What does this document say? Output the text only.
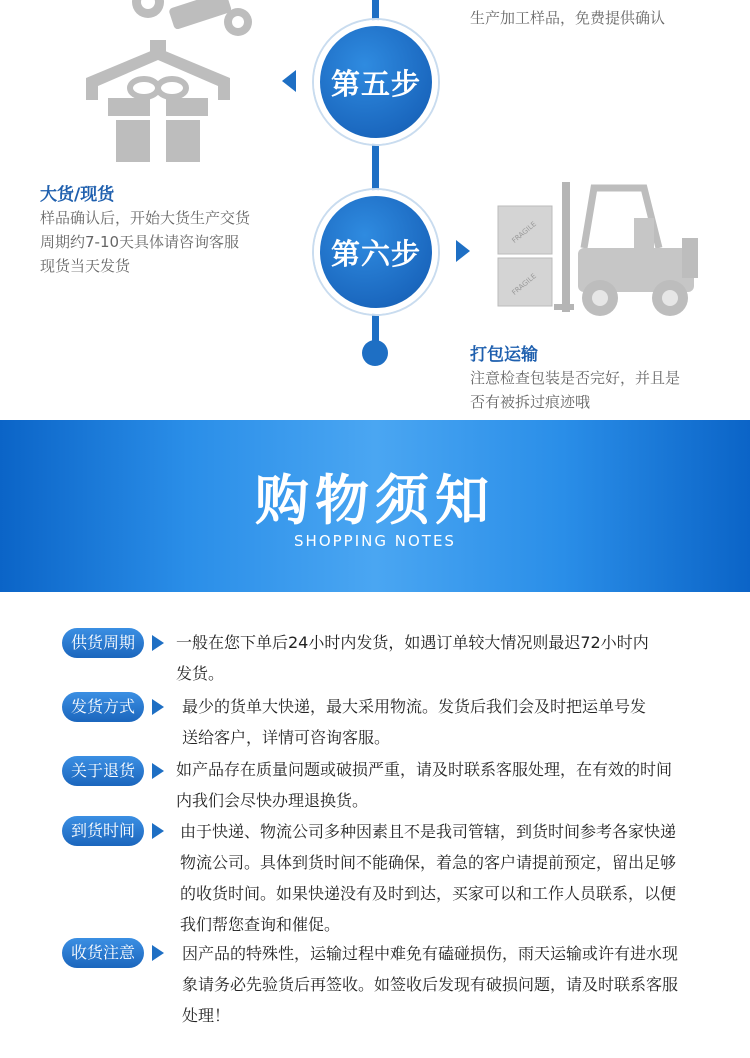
生产加工样品，免费提供确认
第五步
大货/现货
样品确认后，开始大货生产交货
周期约7-10天具体请咨询客服
现货当天发货	第六步
FRAGILE
FRAGILE
打包运输
注意检查包装是否完好，并且是
否有被拆过痕迹哦
购物须知
SHOPPING NOTES
供货周期	一般在您下单后24小时内发货，如遇订单较大情况则最迟72小时内
发货。
发货方式	最少的货单大快递，最大采用物流。发货后我们会及时把运单号发
送给客户，详情可咨询客服。
关于退货	如产品存在质量问题或破损严重，请及时联系客服处理，在有效的时间
内我们会尽快办理退换货。
到货时间	由于快递、物流公司多种因素且不是我司管辖，到货时间参考各家快递
物流公司。具体到货时间不能确保，着急的客户请提前预定，留出足够
的收货时间。如果快递没有及时到达，买家可以和工作人员联系，以便
我们帮您查询和催促。
收货注意	因产品的特殊性，运输过程中难免有磕碰损伤，雨天运输或许有进水现
象请务必先验货后再签收。如签收后发现有破损问题，请及时联系客服
处理！
